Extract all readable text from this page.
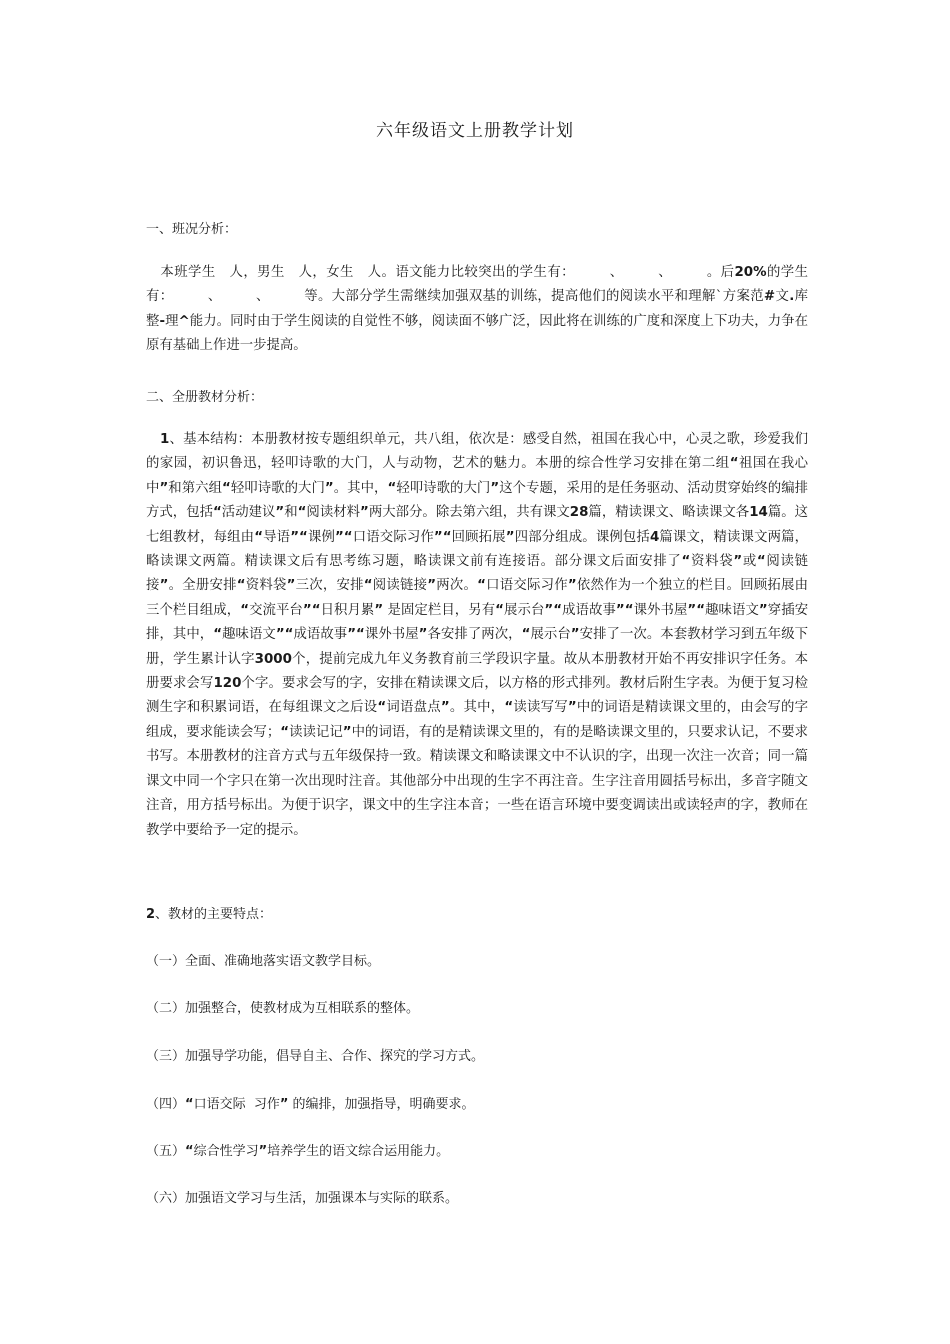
六年级语文上册教学计划
一、班况分析：

本班学生　人，男生　人，女生　人。语文能力比较突出的学生有：　　　、　　　、　　　。后20%的学生有：　　　、　　　、　　　等。大部分学生需继续加强双基的训练，提高他们的阅读水平和理解`方案范#文.库整-理^能力。同时由于学生阅读的自觉性不够，阅读面不够广泛，因此将在训练的广度和深度上下功夫，力争在原有基础上作进一步提高。

二、全册教材分析：

1、基本结构：本册教材按专题组织单元，共八组，依次是：感受自然，祖国在我心中，心灵之歌，珍爱我们的家园，初识鲁迅，轻叩诗歌的大门，人与动物，艺术的魅力。本册的综合性学习安排在第二组“祖国在我心中”和第六组“轻叩诗歌的大门”。其中，“轻叩诗歌的大门”这个专题，采用的是任务驱动、活动贯穿始终的编排方式，包括“活动建议”和“阅读材料”两大部分。除去第六组，共有课文28篇，精读课文、略读课文各14篇。这七组教材，每组由“导语”“课例”“口语交际习作”“回顾拓展”四部分组成。课例包括4篇课文，精读课文两篇，略读课文两篇。精读课文后有思考练习题，略读课文前有连接语。部分课文后面安排了“资料袋”或“阅读链接”。全册安排“资料袋”三次，安排“阅读链接”两次。“口语交际习作”依然作为一个独立的栏目。回顾拓展由三个栏目组成，“交流平台”“日积月累” 是固定栏目，另有“展示台”“成语故事”“课外书屋”“趣味语文”穿插安排，其中，“趣味语文”“成语故事”“课外书屋”各安排了两次，“展示台”安排了一次。本套教材学习到五年级下册，学生累计认字3000个，提前完成九年义务教育前三学段识字量。故从本册教材开始不再安排识字任务。本册要求会写120个字。要求会写的字，安排在精读课文后，以方格的形式排列。教材后附生字表。为便于复习检测生字和积累词语，在每组课文之后设“词语盘点”。其中，“读读写写”中的词语是精读课文里的，由会写的字组成，要求能读会写；“读读记记”中的词语，有的是精读课文里的，有的是略读课文里的，只要求认记，不要求书写。本册教材的注音方式与五年级保持一致。精读课文和略读课文中不认识的字，出现一次注一次音；同一篇课文中同一个字只在第一次出现时注音。其他部分中出现的生字不再注音。生字注音用圆括号标出，多音字随文注音，用方括号标出。为便于识字，课文中的生字注本音；一些在语言环境中要变调读出或读轻声的字，教师在教学中要给予一定的提示。

2、教材的主要特点：
（一）全面、准确地落实语文教学目标。
（二）加强整合，使教材成为互相联系的整体。
（三）加强导学功能，倡导自主、合作、探究的学习方式。
（四）“口语交际  习作” 的编排，加强指导，明确要求。
（五）“综合性学习”培养学生的语文综合运用能力。
（六）加强语文学习与生活，加强课本与实际的联系。
